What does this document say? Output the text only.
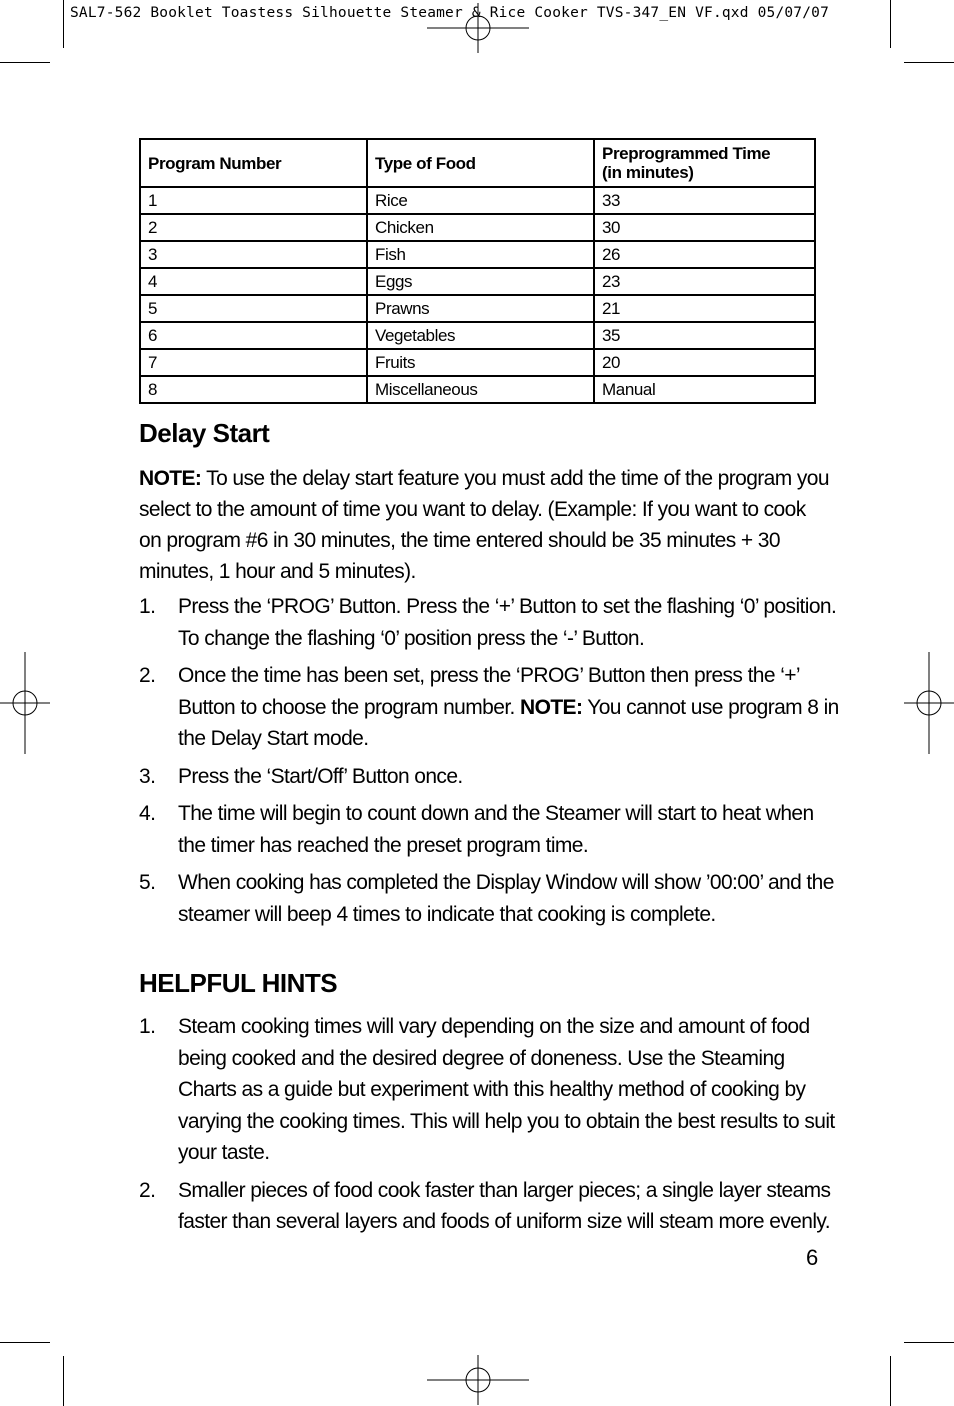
SAL7-562 Booklet Toastess Silhouette Steamer & Rice Cooker TVS-347_EN VF.qxd 05/07/07

Program Number	Type of Food	Preprogrammed Time
(in minutes)
1	Rice	33
2	Chicken	30
3	Fish	26
4	Eggs	23
5	Prawns	21
6	Vegetables	35
7	Fruits	20
8	Miscellaneous	Manual
Delay Start

NOTE: To use the delay start feature you must add the time of the program you select to the amount of time you want to delay. (Example: If you want to cook on program #6 in 30 minutes, the time entered should be 35 minutes + 30 minutes, 1 hour and 5 minutes).

1. Press the ‘PROG’ Button. Press the ‘+’ Button to set the flashing ‘0’ position. To change the flashing ‘0’ position press the ‘-’ Button.
2. Once the time has been set, press the ‘PROG’ Button then press the ‘+’ Button to choose the program number. NOTE: You cannot use program 8 in the Delay Start mode.
3. Press the ‘Start/Off’ Button once.
4. The time will begin to count down and the Steamer will start to heat when the timer has reached the preset program time.
5. When cooking has completed the Display Window will show ’00:00’ and the steamer will beep 4 times to indicate that cooking is complete.
HELPFUL HINTS
1. Steam cooking times will vary depending on the size and amount of food being cooked and the desired degree of doneness. Use the Steaming Charts as a guide but experiment with this healthy method of cooking by varying the cooking times. This will help you to obtain the best results to suit your taste.
2. Smaller pieces of food cook faster than larger pieces; a single layer steams faster than several layers and foods of uniform size will steam more evenly.
6
